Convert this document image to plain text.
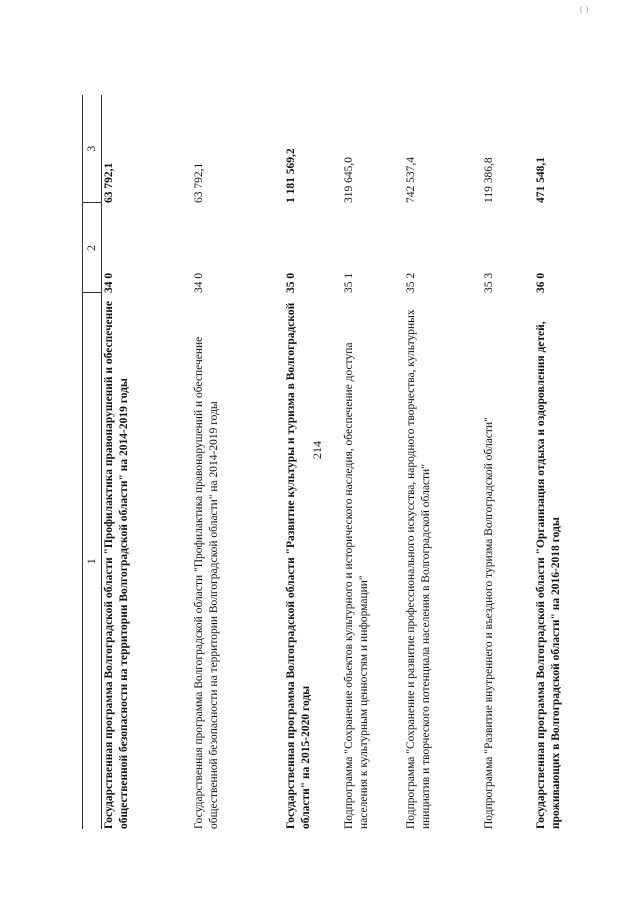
( )
214
1	2	3
Государственная программа Волгоградской области "Профилактика правонарушений и обеспечение общественной безопасности на территории Волгоградской области" на 2014-2019 годы	34 0	63 792,1
Государственная программа Волгоградской области "Профилактика правонарушений и обеспечение общественной безопасности на территории Волгоградской области" на 2014-2019 годы	34 0	63 792,1
Государственная программа Волгоградской области "Развитие культуры и туризма в Волгоградской области" на 2015-2020 годы	35 0	1 181 569,2
Подпрограмма "Сохранение объектов культурного и исторического наследия, обеспечение доступа населения к культурным ценностям и информации"	35 1	319 645,0
Подпрограмма "Сохранение и развитие профессионального искусства, народного творчества, культурных инициатив и творческого потенциала населения в Волгоградской области"	35 2	742 537,4
Подпрограмма "Развитие внутреннего и въездного туризма Волгоградской области"	35 3	119 386,8
Государственная программа Волгоградской области "Организация отдыха и оздоровления детей, проживающих в Волгоградской области" на 2016-2018 годы	36 0	471 548,1
